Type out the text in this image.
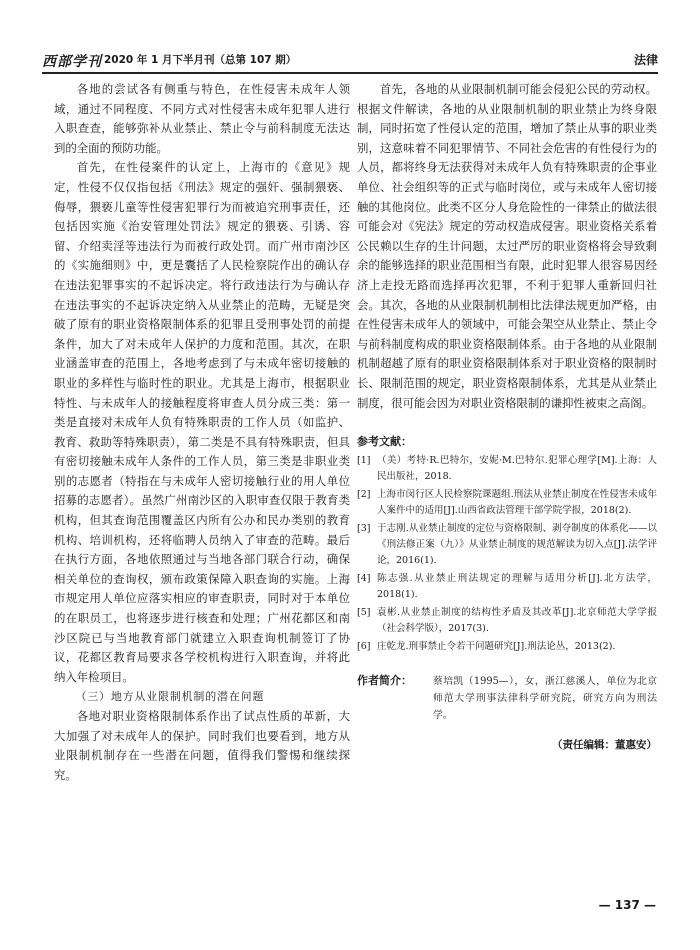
西部学刊 2020 年 1 月下半月刊（总第 107 期）	法律

各地的尝试各有侧重与特色，在性侵害未成年人领域，通过不同程度、不同方式对性侵害未成年犯罪人进行入职查查，能够弥补从业禁止、禁止令与前科制度无法达到的全面的预防功能。

首先，在性侵案件的认定上，上海市的《意见》规定，性侵不仅仅指包括《刑法》规定的强奸、强制猥亵、侮辱，猥亵儿童等性侵害犯罪行为而被追究刑事责任，还包括因实施《治安管理处罚法》规定的猥亵、引诱、容留、介绍卖淫等违法行为而被行政处罚。而广州市南沙区的《实施细则》中，更是囊括了人民检察院作出的确认存在违法犯罪事实的不起诉决定。将行政违法行为与确认存在违法事实的不起诉决定纳入从业禁止的范畴，无疑是突破了原有的职业资格限制体系的犯罪且受刑事处罚的前提条件，加大了对未成年人保护的力度和范围。其次，在职业涵盖审查的范围上，各地考虑到了与未成年密切接触的职业的多样性与临时性的职业。尤其是上海市，根据职业特性、与未成年人的接触程度将审查人员分成三类：第一类是直接对未成年人负有特殊职责的工作人员（如监护、教育、救助等特殊职责），第二类是不具有特殊职责，但具有密切接触未成年人条件的工作人员，第三类是非职业类别的志愿者（特指在与未成年人密切接触行业的用人单位招募的志愿者）。虽然广州南沙区的入职审查仅限于教育类机构，但其查询范围覆盖区内所有公办和民办类别的教育机构、培训机构，还将临聘人员纳入了审查的范畴。最后在执行方面，各地依照通过与当地各部门联合行动，确保相关单位的查询权，颁布政策保障入职查询的实施。上海市规定用人单位应落实相应的审查职责，同时对于本单位的在职员工，也将逐步进行核查和处理；广州花都区和南沙区院已与当地教育部门就建立入职查询机制签订了协议，花都区教育局要求各学校机构进行入职查询，并将此纳入年检项目。

（三）地方从业限制机制的潜在问题

各地对职业资格限制体系作出了试点性质的革新，大大加强了对未成年人的保护。同时我们也要看到，地方从业限制机制存在一些潜在问题，值得我们警惕和继续探究。

首先，各地的从业限制机制可能会侵犯公民的劳动权。根据文件解读，各地的从业限制机制的职业禁止为终身限制，同时拓宽了性侵认定的范围，增加了禁止从事的职业类别，这意味着不同犯罪情节、不同社会危害的有性侵行为的人员，都将终身无法获得对未成年人负有特殊职责的企事业单位、社会组织等的正式与临时岗位，或与未成年人密切接触的其他岗位。此类不区分人身危险性的一律禁止的做法很可能会对《宪法》规定的劳动权造成侵害。职业资格关系着公民赖以生存的生计问题，太过严厉的职业资格将会导致剩余的能够选择的职业范围相当有限，此时犯罪人很容易因经济上走投无路而选择再次犯罪，不利于犯罪人重新回归社会。其次，各地的从业限制机制相比法律法规更加严格，由在性侵害未成年人的领域中，可能会架空从业禁止、禁止令与前科制度构成的职业资格限制体系。由于各地的从业限制机制超越了原有的职业资格限制体系对于职业资格的限制时长、限制范围的规定，职业资格限制体系，尤其是从业禁止制度，很可能会因为对职业资格限制的谦抑性被束之高阁。

参考文献：
[1] （美）考特·R.巴特尔，安妮·M.巴特尔.犯罪心理学[M].上海：人民出版社，2018.
[2] 上海市闵行区人民检察院课题组.刑法从业禁止制度在性侵害未成年人案件中的适用[J].山西省政法管理干部学院学报，2018(2).
[3] 于志刚.从业禁止制度的定位与资格限制、剥夺制度的体系化——以《刑法修正案（九）》从业禁止制度的规范解读为切入点[J].法学评论，2016(1).
[4] 陈志强.从业禁止刑法规定的理解与适用分析[J].北方法学，2018(1).
[5] 袁彬.从业禁止制度的结构性矛盾及其改革[J].北京师范大学学报（社会科学版），2017(3).
[6] 庄乾龙.刑事禁止令若干问题研究[J].刑法论丛，2013(2).
作者简介： 蔡培凯（1995—），女，浙江慈溪人，单位为北京师范大学刑事法律科学研究院，研究方向为刑法学。
（责任编辑：董惠安）
— 137 —
